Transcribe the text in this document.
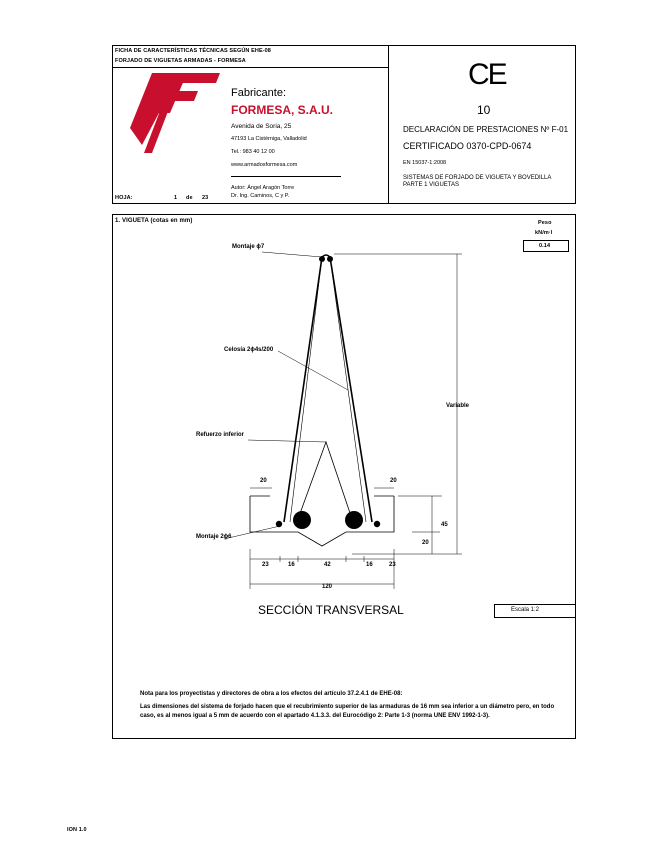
FICHA DE CARACTERÍSTICAS TÉCNICAS SEGÚN EHE-08
FORJADO DE VIGUETAS ARMADAS - FORMESA
Fabricante:
FORMESA, S.A.U.
Avenida de Soria, 25
47193 La Cistérniga, Valladolid
Tel.: 983 40 12 00
www.armadosformesa.com
HOJA:	1 de 23
Autor: Ángel Aragón Torre
Dr. Ing. Caminos, C y P.
CE
10
DECLARACIÓN DE PRESTACIONES Nº F-01
CERTIFICADO 0370-CPD-0674
EN 15037-1:2008
SISTEMAS DE FORJADO DE VIGUETA Y BOVEDILLA
PARTE 1 VIGUETAS
1. VIGUETA (cotas en mm)	Peso
kN/m·l
0.14
Montaje ϕ7
Celosía 2ϕ4s/200
Refuerzo inferior
Montaje 2ϕ6
Variable
20	20
45
20
23	16	42	16	23
120
SECCIÓN TRANSVERSAL	Escala 1:2
Nota para los proyectistas y directores de obra a los efectos del artículo 37.2.4.1 de EHE-08:
Las dimensiones del sistema de forjado hacen que el recubrimiento superior de las armaduras de 16 mm sea inferior a un diámetro pero, en todo caso, es al menos igual a 5 mm de acuerdo con el apartado 4.1.3.3. del Eurocódigo 2: Parte 1-3 (norma UNE ENV 1992-1-3).
ION 1.0
